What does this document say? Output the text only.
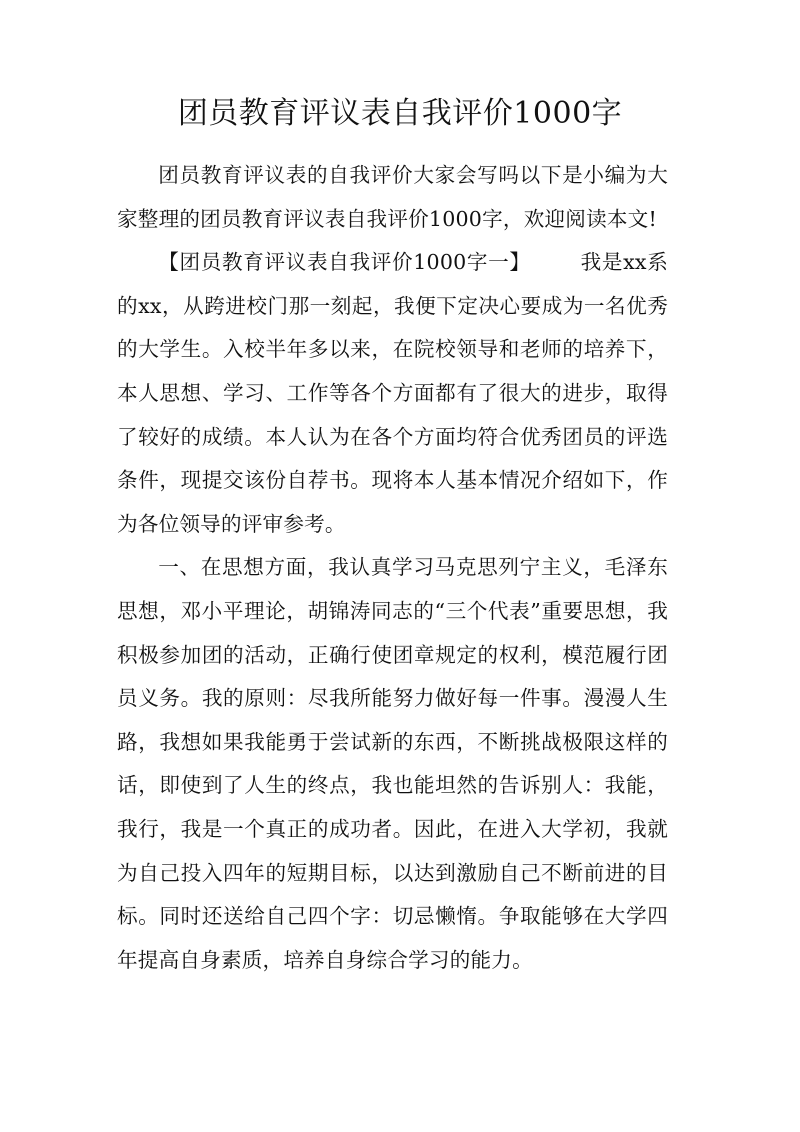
团员教育评议表自我评价1000字

团员教育评议表的自我评价大家会写吗以下是小编为大家整理的团员教育评议表自我评价1000字，欢迎阅读本文!

【团员教育评议表自我评价1000字一】 我是xx系的xx，从跨进校门那一刻起，我便下定决心要成为一名优秀的大学生。入校半年多以来，在院校领导和老师的培养下，本人思想、学习、工作等各个方面都有了很大的进步，取得了较好的成绩。本人认为在各个方面均符合优秀团员的评选条件，现提交该份自荐书。现将本人基本情况介绍如下，作为各位领导的评审参考。

一、在思想方面，我认真学习马克思列宁主义，毛泽东思想，邓小平理论，胡锦涛同志的“三个代表”重要思想，我积极参加团的活动，正确行使团章规定的权利，模范履行团员义务。我的原则：尽我所能努力做好每一件事。漫漫人生路，我想如果我能勇于尝试新的东西，不断挑战极限这样的话，即使到了人生的终点，我也能坦然的告诉别人：我能，我行，我是一个真正的成功者。因此，在进入大学初，我就为自己投入四年的短期目标，以达到激励自己不断前进的目标。同时还送给自己四个字：切忌懒惰。争取能够在大学四年提高自身素质，培养自身综合学习的能力。
